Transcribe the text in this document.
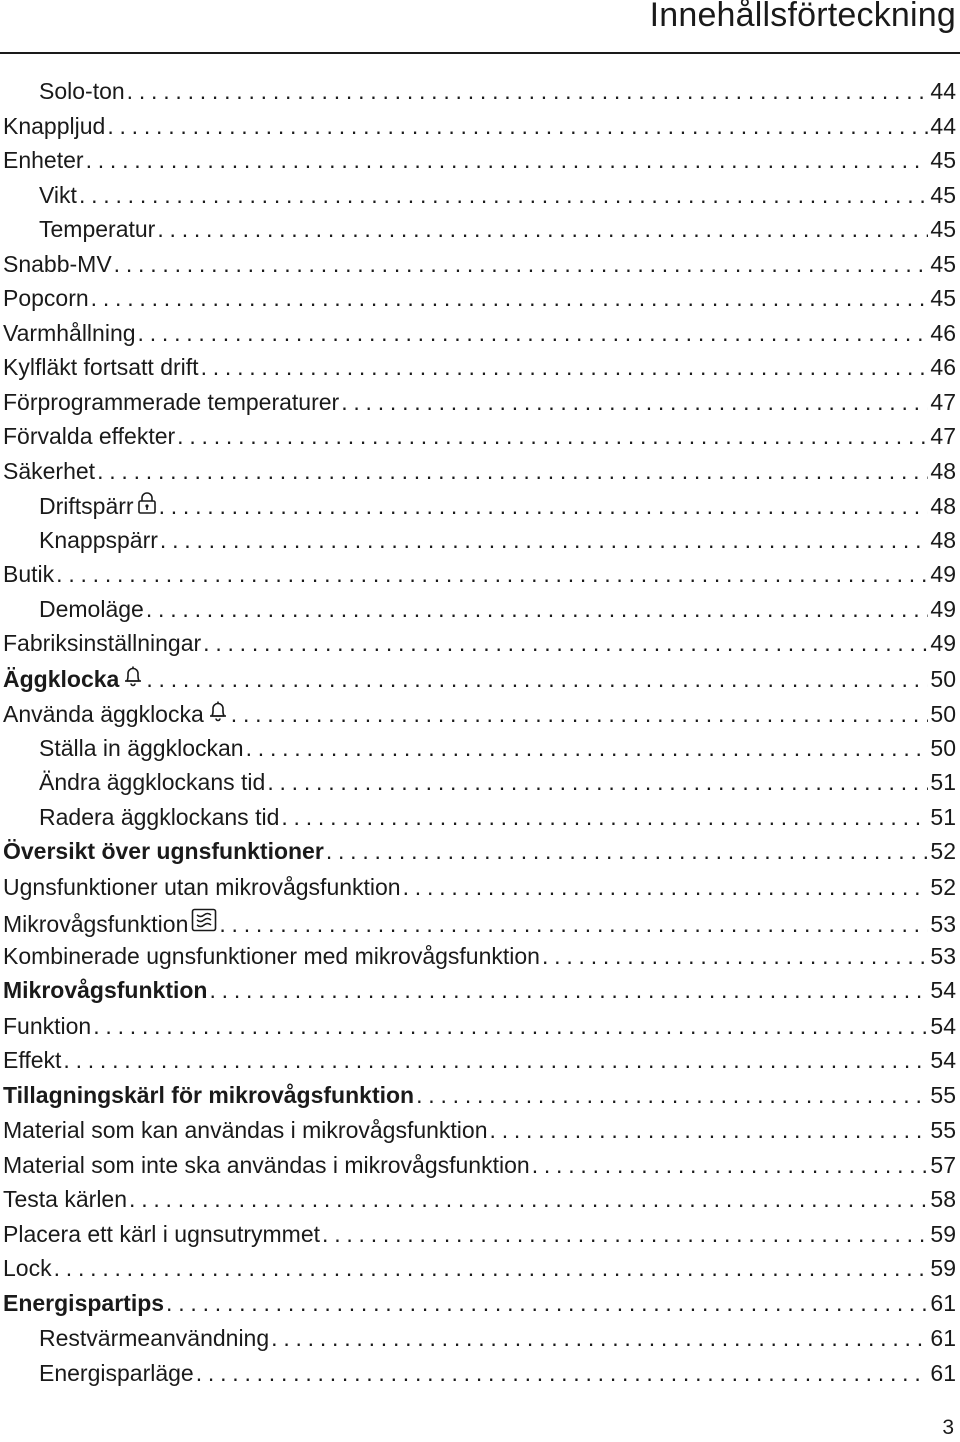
Innehållsförteckning
Solo-ton . . .	44
Knappljud . . .	44
Enheter . . .	45
Vikt . . .	45
Temperatur . . .	45
Snabb-MV . . .	45
Popcorn . . .	45
Varmhållning . . .	46
Kylfläkt fortsatt drift . . .	46
Förprogrammerade temperaturer . . .	47
Förvalda effekter . . .	47
Säkerhet . . .	48
Driftspärr . . .	48
Knappspärr . . .	48
Butik . . .	49
Demoläge . . .	49
Fabriksinställningar . . .	49
Äggklocka . . .	50
Använda äggklocka . . .	50
Ställa in äggklockan . . .	50
Ändra äggklockans tid . . .	51
Radera äggklockans tid . . .	51
Översikt över ugnsfunktioner . . .	52
Ugnsfunktioner utan mikrovågsfunktion . . .	52
Mikrovågsfunktion . . .	53
Kombinerade ugnsfunktioner med mikrovågsfunktion . . .	53
Mikrovågsfunktion . . .	54
Funktion . . .	54
Effekt . . .	54
Tillagningskärl för mikrovågsfunktion . . .	55
Material som kan användas i mikrovågsfunktion . . .	55
Material som inte ska användas i mikrovågsfunktion . . .	57
Testa kärlen . . .	58
Placera ett kärl i ugnsutrymmet . . .	59
Lock . . .	59
Energispartips . . .	61
Restvärmeanvändning . . .	61
Energisparläge . . .	61
3
